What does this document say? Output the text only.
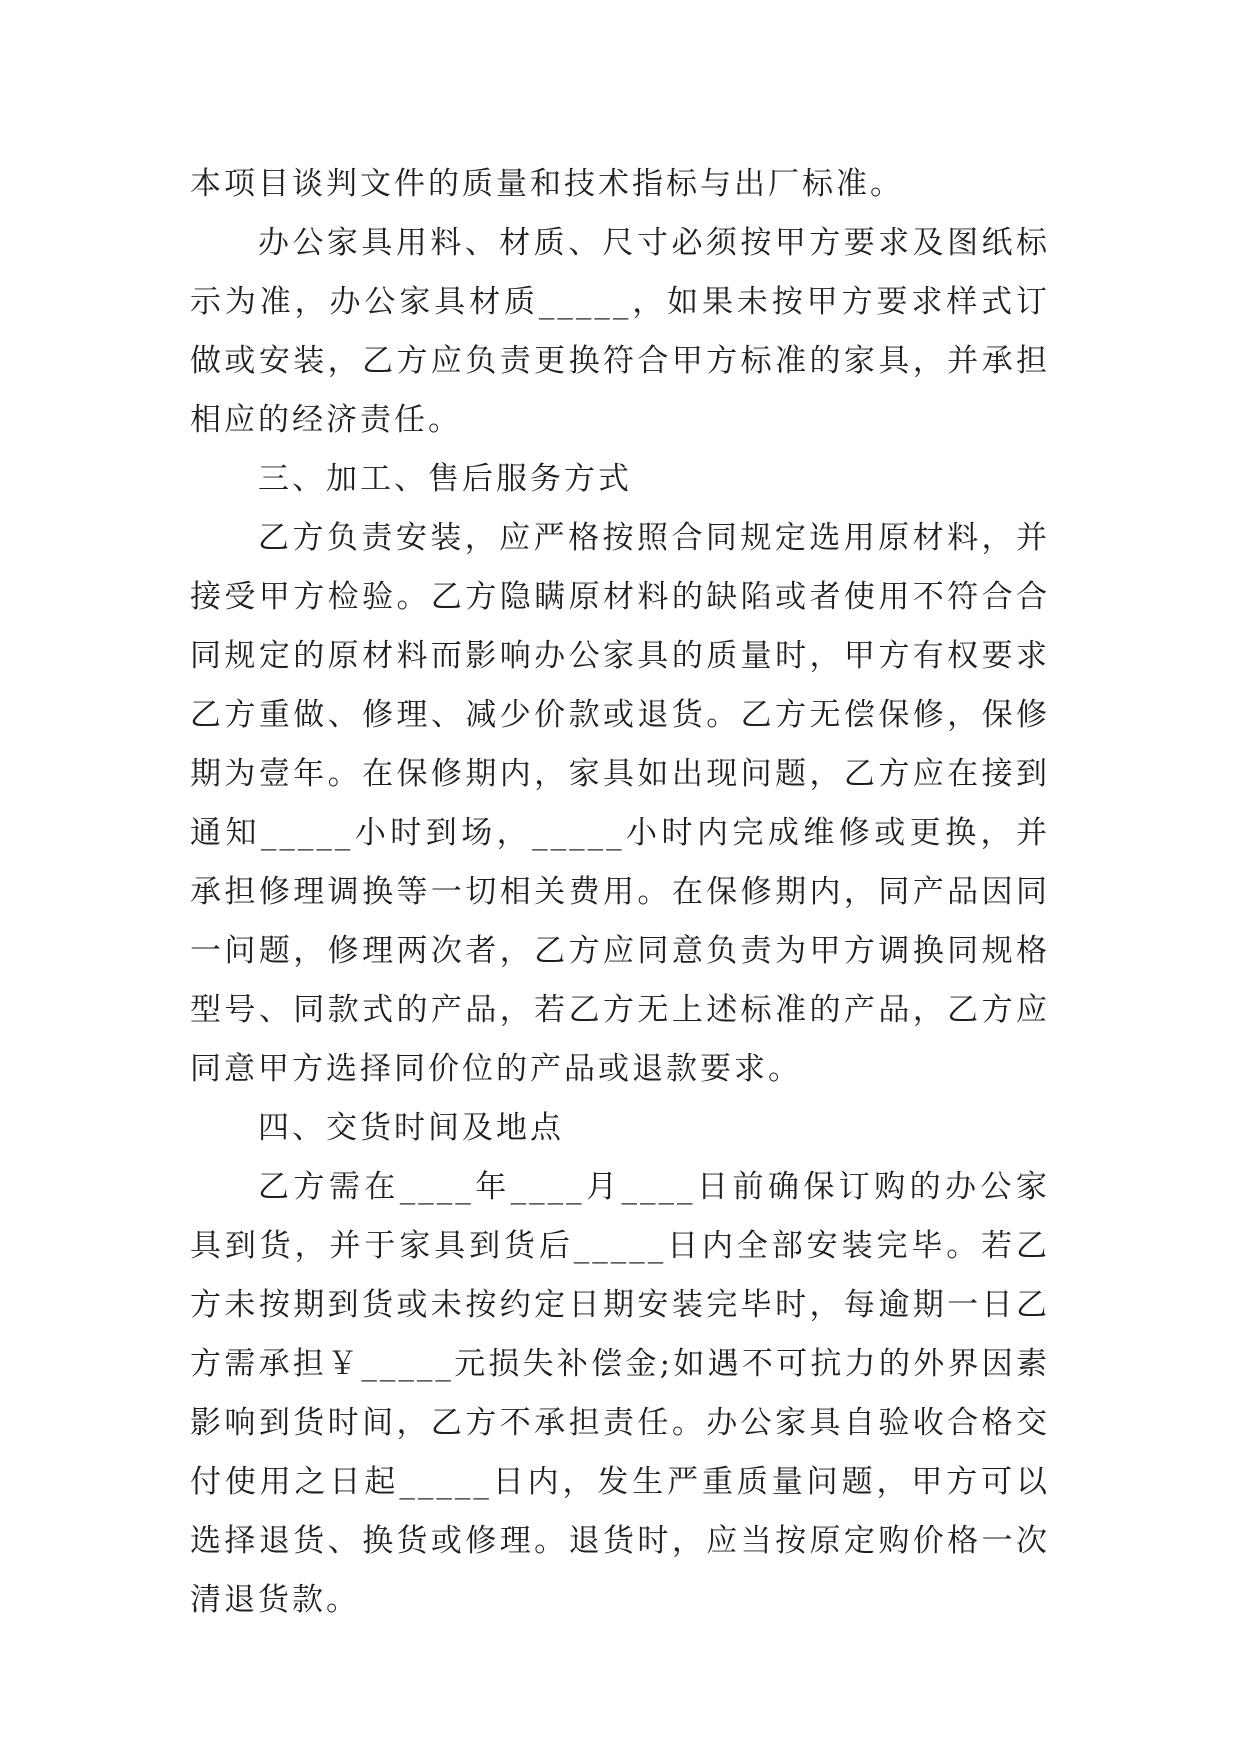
本项目谈判文件的质量和技术指标与出厂标准。

办公家具用料、材质、尺寸必须按甲方要求及图纸标示为准，办公家具材质_____，如果未按甲方要求样式订做或安装，乙方应负责更换符合甲方标准的家具，并承担相应的经济责任。

三、加工、售后服务方式

乙方负责安装，应严格按照合同规定选用原材料，并接受甲方检验。乙方隐瞒原材料的缺陷或者使用不符合合同规定的原材料而影响办公家具的质量时，甲方有权要求乙方重做、修理、减少价款或退货。乙方无偿保修，保修期为壹年。在保修期内，家具如出现问题，乙方应在接到通知_____小时到场，_____小时内完成维修或更换，并承担修理调换等一切相关费用。在保修期内，同产品因同一问题，修理两次者，乙方应同意负责为甲方调换同规格型号、同款式的产品，若乙方无上述标准的产品，乙方应同意甲方选择同价位的产品或退款要求。

四、交货时间及地点

乙方需在____年____月____日前确保订购的办公家具到货，并于家具到货后_____日内全部安装完毕。若乙方未按期到货或未按约定日期安装完毕时，每逾期一日乙方需承担￥_____元损失补偿金;如遇不可抗力的外界因素影响到货时间，乙方不承担责任。办公家具自验收合格交付使用之日起_____日内，发生严重质量问题，甲方可以选择退货、换货或修理。退货时，应当按原定购价格一次清退货款。
